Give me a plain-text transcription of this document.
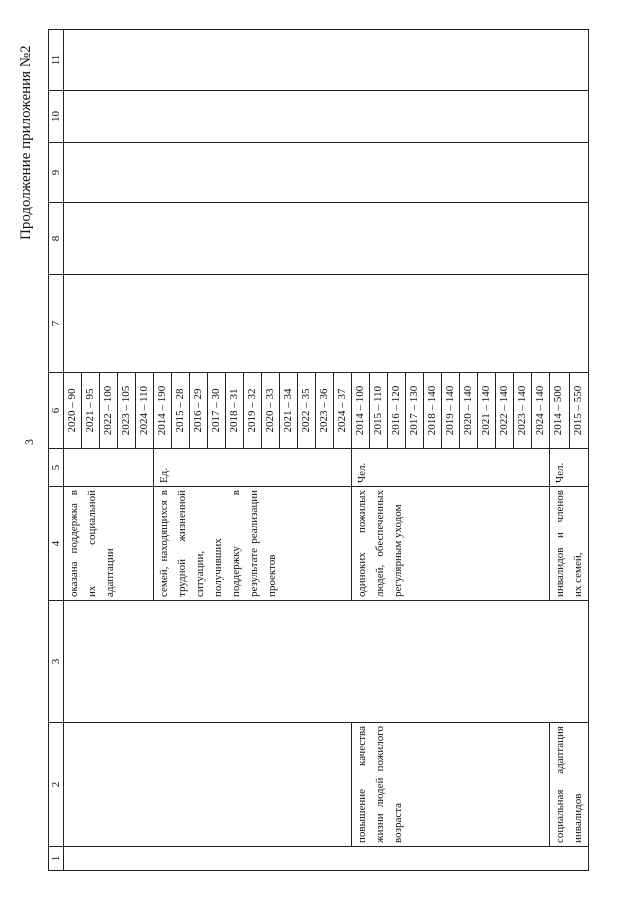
3
Продолжение приложения №2
1	2	3	4	5	6	7	8	9	10	11
			оказана поддержка в их социальной адаптации		2020 – 90					
					2021 – 95					
					2022 – 100					
					2023 – 105					
					2024 – 110					
			семей, находящихся в трудной жизненной ситуации, получивших поддержку в результате реализации проектов	Ед.	2014 – 190					
					2015 – 28					
					2016 – 29					
					2017 – 30					
					2018 – 31					
					2019 – 32					
					2020 – 33					
					2021 – 34					
					2022 – 35					
					2023 – 36					
					2024 – 37					
	повышение качества жизни людей пожилого возраста		одиноких пожилых людей, обеспеченных регулярным уходом	Чел.	2014 – 100					
					2015 – 110					
					2016 – 120					
					2017 – 130					
					2018 – 140					
					2019 – 140					
					2020 – 140					
					2021 – 140					
					2022 – 140					
					2023 – 140					
					2024 – 140					
	социальная адаптация инвалидов		инвалидов и членов их семей,	Чел.	2014 – 500					
					2015 – 550					
